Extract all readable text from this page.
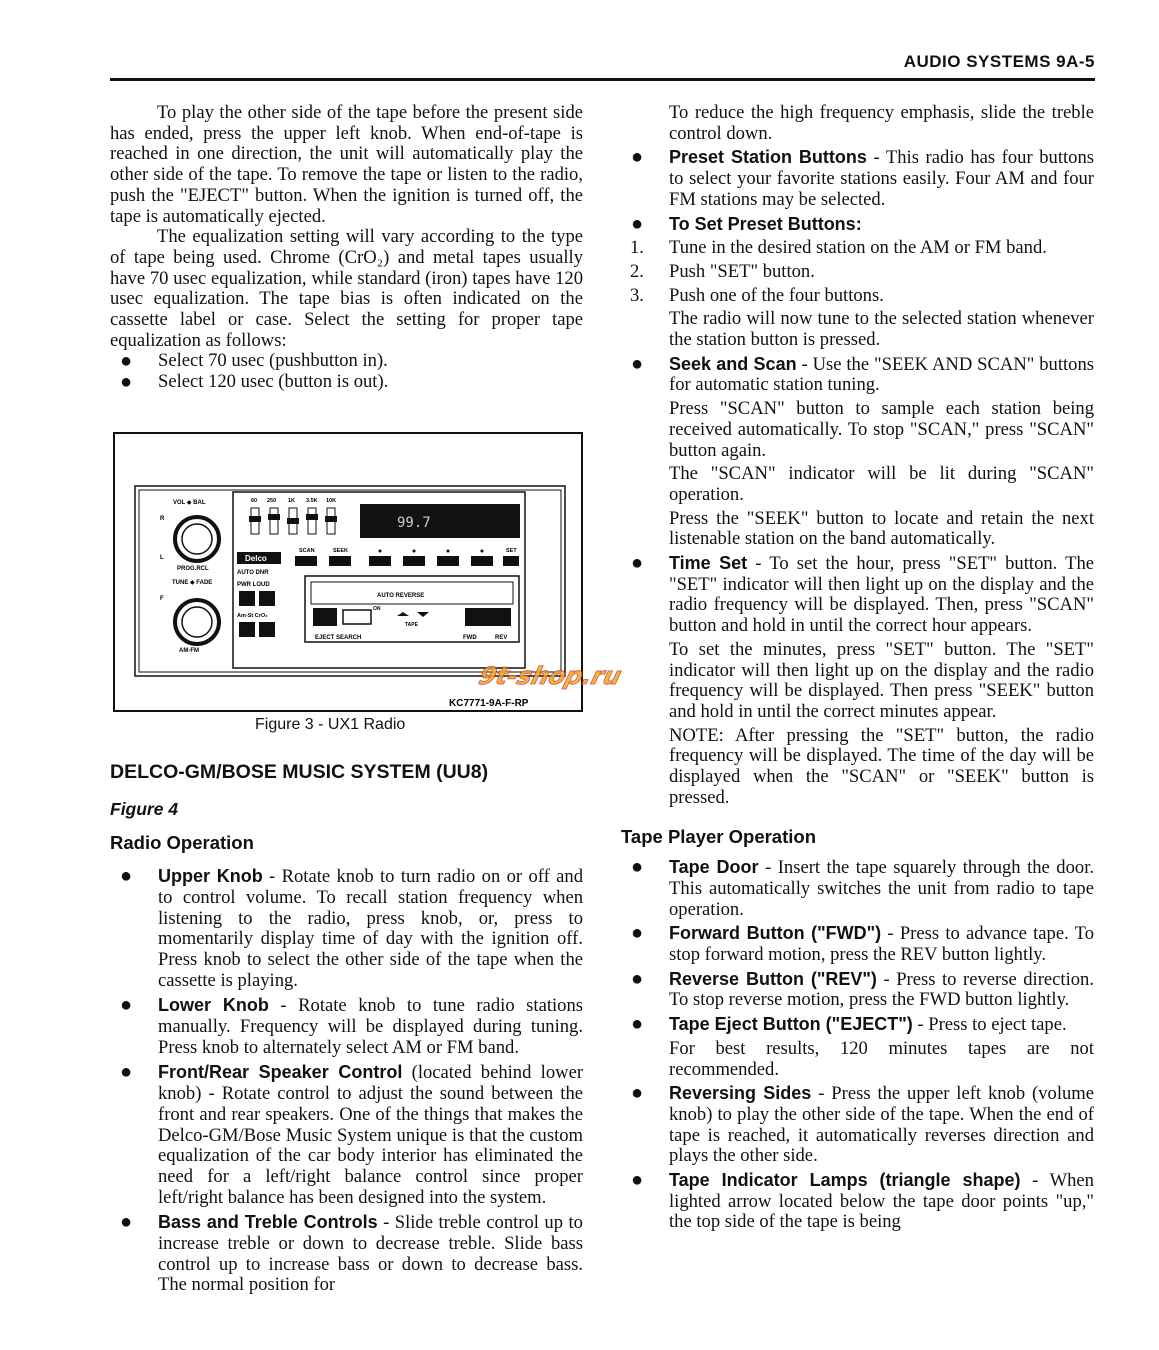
AUDIO SYSTEMS 9A-5

To play the other side of the tape before the present side has ended, press the upper left knob. When end-of-tape is reached in one direction, the unit will automatically play the other side of the tape. To remove the tape or listen to the radio, push the "EJECT" button. When the ignition is turned off, the tape is automatically ejected.

The equalization setting will vary according to the type of tape being used. Chrome (CrO₂) and metal tapes usually have 70 usec equalization, while standard (iron) tapes have 120 usec equalization. The tape bias is often indicated on the cassette label or case. Select the setting for proper tape equalization as follows:

● Select 70 usec (pushbutton in).

● Select 120 usec (button is out).

VOL ◆ BAL
R
L
PROG.RCL
TUNE ◆ FADE
F
AM-FM
60 250 1K 3.5K 10K
99.7
Delco
AUTO DNR
SCAN	SEEK	SET
PWR LOUD
Am-St CrO₂
AUTO REVERSE
ON
TAPE
EJECT SEARCH	FWD	REV
KC7771-9A-F-RP
Figure 3 - UX1 Radio

DELCO-GM/BOSE MUSIC SYSTEM (UU8)

Figure 4

Radio Operation

● Upper Knob - Rotate knob to turn radio on or off and to control volume. To recall station frequency when listening to the radio, press knob, or, press to momentarily display time of day with the ignition off. Press knob to select the other side of the tape when the cassette is playing.

● Lower Knob - Rotate knob to tune radio stations manually. Frequency will be displayed during tuning. Press knob to alternately select AM or FM band.

● Front/Rear Speaker Control (located behind lower knob) - Rotate control to adjust the sound between the front and rear speakers. One of the things that makes the Delco-GM/Bose Music System unique is that the custom equalization of the car body interior has eliminated the need for a left/right balance control since proper left/right balance has been designed into the system.

● Bass and Treble Controls - Slide treble control up to increase treble or down to decrease treble. Slide bass control up to increase bass or down to decrease bass. The normal position for

To reduce the high frequency emphasis, slide the treble control down.

● Preset Station Buttons - This radio has four buttons to select your favorite stations easily. Four AM and four FM stations may be selected.

● To Set Preset Buttons:

1. Tune in the desired station on the AM or FM band.

2. Push "SET" button.

3. Push one of the four buttons.

The radio will now tune to the selected station whenever the station button is pressed.

● Seek and Scan - Use the "SEEK AND SCAN" buttons for automatic station tuning.

Press "SCAN" button to sample each station being received automatically. To stop "SCAN," press "SCAN" button again.

The "SCAN" indicator will be lit during "SCAN" operation.

Press the "SEEK" button to locate and retain the next listenable station on the band automatically.

● Time Set - To set the hour, press "SET" button. The "SET" indicator will then light up on the display and the radio frequency will be displayed. Then, press "SCAN" button and hold in until the correct hour appears.

To set the minutes, press "SET" button. The "SET" indicator will then light up on the display and the radio frequency will be displayed. Then press "SEEK" button and hold in until the correct minutes appear.

NOTE: After pressing the "SET" button, the radio frequency will be displayed. The time of the day will be displayed when the "SCAN" or "SEEK" button is pressed.

Tape Player Operation

● Tape Door - Insert the tape squarely through the door. This automatically switches the unit from radio to tape operation.

● Forward Button ("FWD") - Press to advance tape. To stop forward motion, press the REV button lightly.

● Reverse Button ("REV") - Press to reverse direction. To stop reverse motion, press the FWD button lightly.

● Tape Eject Button ("EJECT") - Press to eject tape.

For best results, 120 minutes tapes are not recommended.

● Reversing Sides - Press the upper left knob (volume knob) to play the other side of the tape. When the end of tape is reached, it automatically reverses direction and plays the other side.

● Tape Indicator Lamps (triangle shape) - When lighted arrow located below the tape door points "up," the top side of the tape is being

9t-shop.ru
